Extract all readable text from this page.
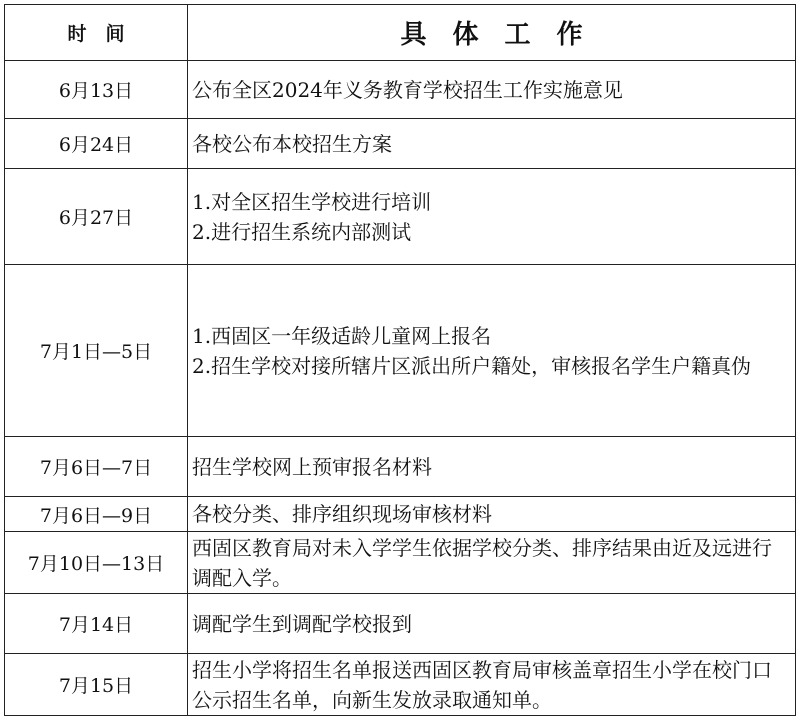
时　间	具　体　工　作
6月13日	公布全区2024年义务教育学校招生工作实施意见

6月24日	各校公布本校招生方案

6月27日	1.对全区招生学校进行培训
2.进行招生系统内部测试

7月1日—5日	1.西固区一年级适龄儿童网上报名
2.招生学校对接所辖片区派出所户籍处，审核报名学生户籍真伪

7月6日—7日	招生学校网上预审报名材料

7月6日—9日	各校分类、排序组织现场审核材料

7月10日—13日	西固区教育局对未入学学生依据学校分类、排序结果由近及远进行调配入学。

7月14日	调配学生到调配学校报到

7月15日	招生小学将招生名单报送西固区教育局审核盖章招生小学在校门口公示招生名单，向新生发放录取通知单。
